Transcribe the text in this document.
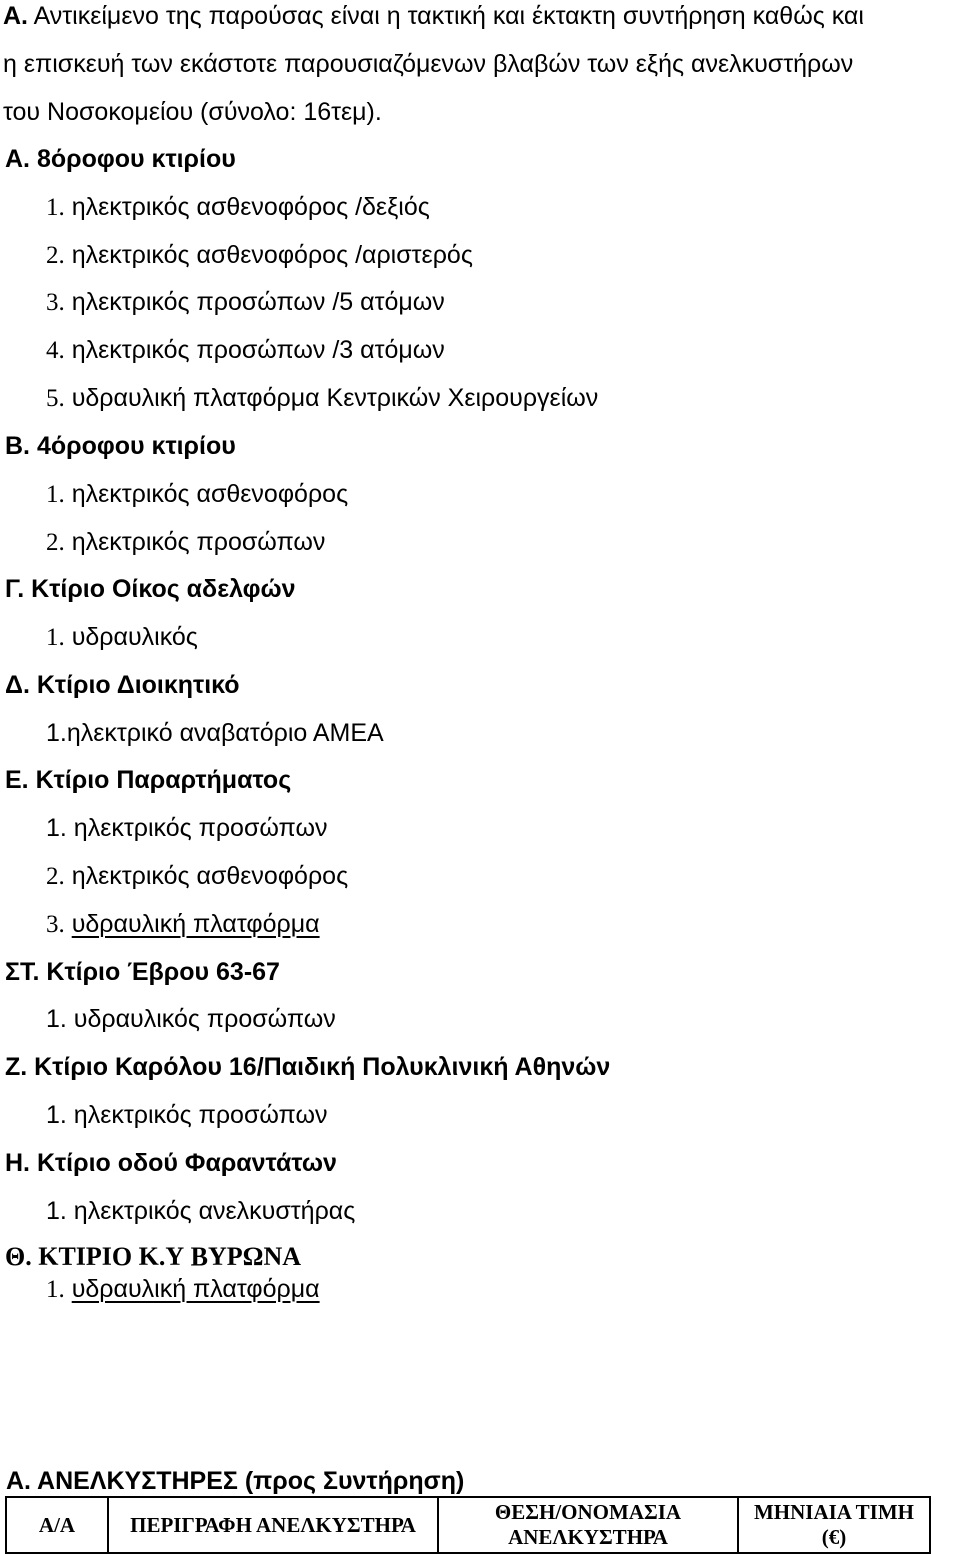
Α. Αντικείμενο της παρούσας είναι η τακτική και έκτακτη συντήρηση καθώς και
η επισκευή των εκάστοτε παρουσιαζόμενων βλαβών των εξής ανελκυστήρων
του Νοσοκομείου (σύνολο: 16τεμ).
Α. 8όροφου κτιρίου
1. ηλεκτρικός ασθενοφόρος /δεξιός
2. ηλεκτρικός ασθενοφόρος /αριστερός
3. ηλεκτρικός προσώπων /5 ατόμων
4. ηλεκτρικός προσώπων /3 ατόμων
5. υδραυλική πλατφόρμα Κεντρικών Χειρουργείων
Β. 4όροφου κτιρίου
1. ηλεκτρικός ασθενοφόρος
2. ηλεκτρικός προσώπων
Γ. Κτίριο Οίκος αδελφών
1. υδραυλικός
Δ. Κτίριο Διοικητικό
1.ηλεκτρικό αναβατόριο ΑΜΕΑ
Ε. Κτίριο Παραρτήματος
1. ηλεκτρικός προσώπων
2. ηλεκτρικός ασθενοφόρος
3. υδραυλική πλατφόρμα
ΣΤ. Κτίριο Έβρου 63-67
1. υδραυλικός προσώπων
Ζ. Κτίριο Καρόλου 16/Παιδική Πολυκλινική Αθηνών
1. ηλεκτρικός προσώπων
Η. Κτίριο οδού Φαραντάτων
1. ηλεκτρικός ανελκυστήρας
Θ. ΚΤΙΡΙΟ Κ.Υ ΒΥΡΩΝΑ
1. υδραυλική πλατφόρμα
Α. ΑΝΕΛΚΥΣΤΗΡΕΣ (προς Συντήρηση)
Α/Α	ΠΕΡΙΓΡΑΦΗ ΑΝΕΛΚΥΣΤΗΡΑ	ΘΕΣΗ/ΟΝΟΜΑΣΙΑ ΑΝΕΛΚΥΣΤΗΡΑ	ΜΗΝΙΑΙΑ ΤΙΜΗ (€)
